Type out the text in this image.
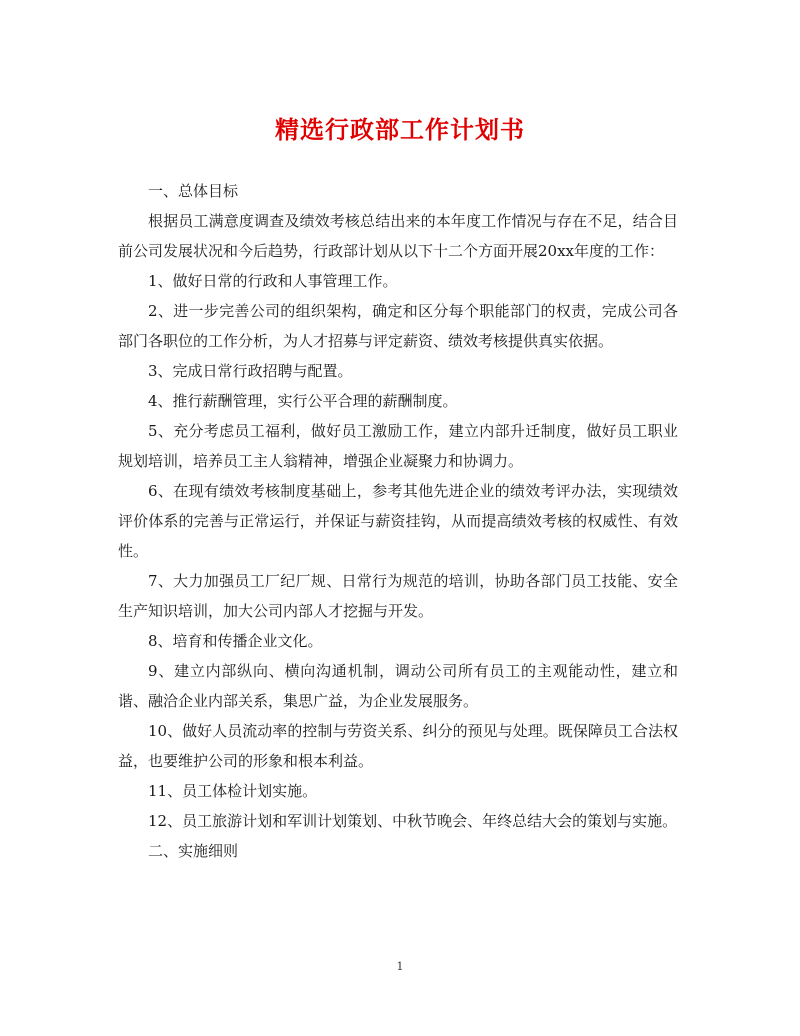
精选行政部工作计划书

一、总体目标

根据员工满意度调查及绩效考核总结出来的本年度工作情况与存在不足，结合目前公司发展状况和今后趋势，行政部计划从以下十二个方面开展20xx年度的工作：

1、做好日常的行政和人事管理工作。

2、进一步完善公司的组织架构，确定和区分每个职能部门的权责，完成公司各部门各职位的工作分析，为人才招募与评定薪资、绩效考核提供真实依据。

3、完成日常行政招聘与配置。

4、推行薪酬管理，实行公平合理的薪酬制度。

5、充分考虑员工福利，做好员工激励工作，建立内部升迁制度，做好员工职业规划培训，培养员工主人翁精神，增强企业凝聚力和协调力。

6、在现有绩效考核制度基础上，参考其他先进企业的绩效考评办法，实现绩效评价体系的完善与正常运行，并保证与薪资挂钩，从而提高绩效考核的权威性、有效性。

7、大力加强员工厂纪厂规、日常行为规范的培训，协助各部门员工技能、安全生产知识培训，加大公司内部人才挖掘与开发。

8、培育和传播企业文化。

9、建立内部纵向、横向沟通机制，调动公司所有员工的主观能动性，建立和谐、融洽企业内部关系，集思广益，为企业发展服务。

10、做好人员流动率的控制与劳资关系、纠分的预见与处理。既保障员工合法权益，也要维护公司的形象和根本利益。

11、员工体检计划实施。

12、员工旅游计划和军训计划策划、中秋节晚会、年终总结大会的策划与实施。

二、实施细则

1
